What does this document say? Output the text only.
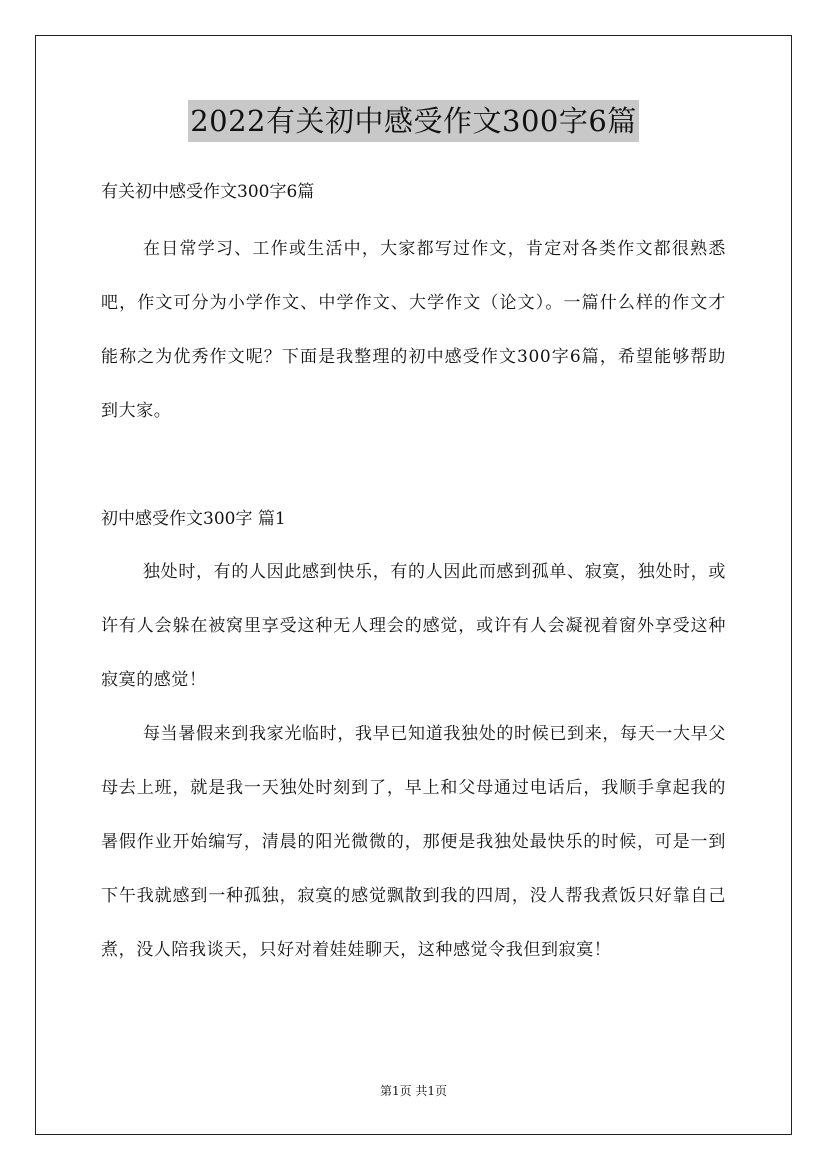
2022有关初中感受作文300字6篇
有关初中感受作文300字6篇

在日常学习、工作或生活中，大家都写过作文，肯定对各类作文都很熟悉吧，作文可分为小学作文、中学作文、大学作文（论文）。一篇什么样的作文才能称之为优秀作文呢？下面是我整理的初中感受作文300字6篇，希望能够帮助到大家。

初中感受作文300字 篇1

独处时，有的人因此感到快乐，有的人因此而感到孤单、寂寞，独处时，或许有人会躲在被窝里享受这种无人理会的感觉，或许有人会凝视着窗外享受这种寂寞的感觉！

每当暑假来到我家光临时，我早已知道我独处的时候已到来，每天一大早父母去上班，就是我一天独处时刻到了，早上和父母通过电话后，我顺手拿起我的暑假作业开始编写，清晨的阳光微微的，那便是我独处最快乐的时候，可是一到下午我就感到一种孤独，寂寞的感觉飘散到我的四周，没人帮我煮饭只好靠自己煮，没人陪我谈天，只好对着娃娃聊天，这种感觉令我但到寂寞！

第1页 共1页
